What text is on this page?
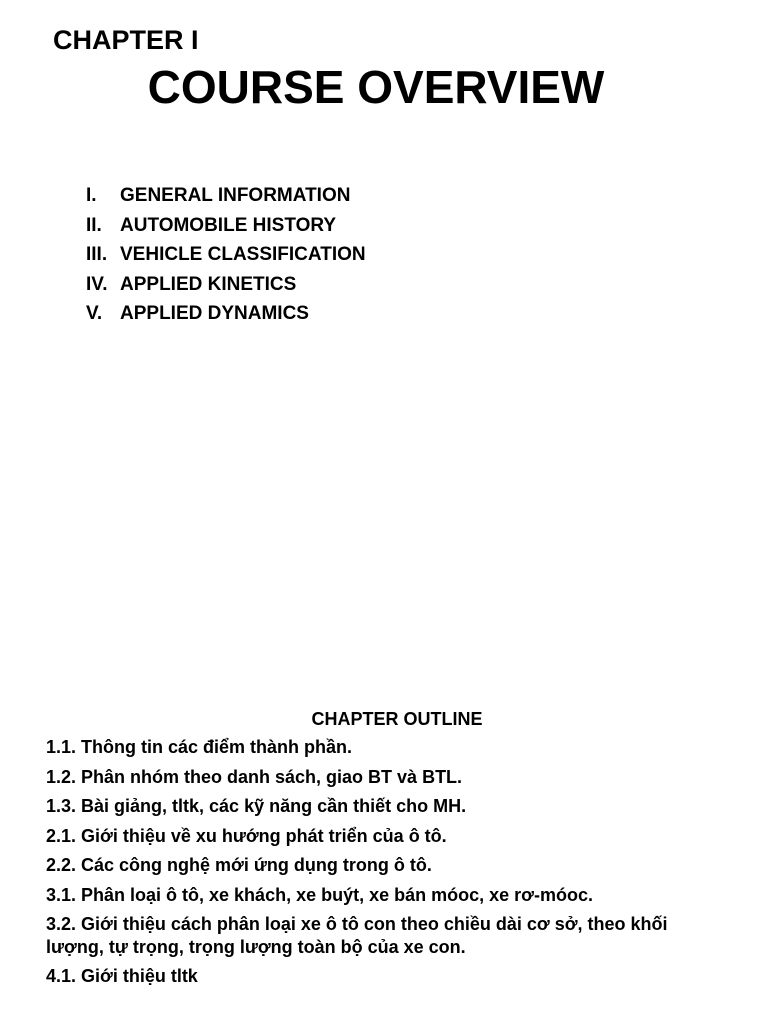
CHAPTER I
COURSE OVERVIEW
I. GENERAL INFORMATION
II. AUTOMOBILE HISTORY
III. VEHICLE CLASSIFICATION
IV. APPLIED KINETICS
V. APPLIED DYNAMICS
CHAPTER OUTLINE
1.1. Thông tin các điểm thành phần.
1.2. Phân nhóm theo danh sách, giao BT và BTL.
1.3. Bài giảng, tltk, các kỹ năng cần thiết cho MH.
2.1. Giới thiệu về xu hướng phát triển của ô tô.
2.2. Các công nghệ mới ứng dụng trong ô tô.
3.1. Phân loại ô tô, xe khách, xe buýt, xe bán móoc, xe rơ-móoc.
3.2. Giới thiệu cách phân loại xe ô tô con theo chiều dài cơ sở, theo khối lượng, tự trọng, trọng lượng toàn bộ của xe con.
4.1. Giới thiệu tltk
